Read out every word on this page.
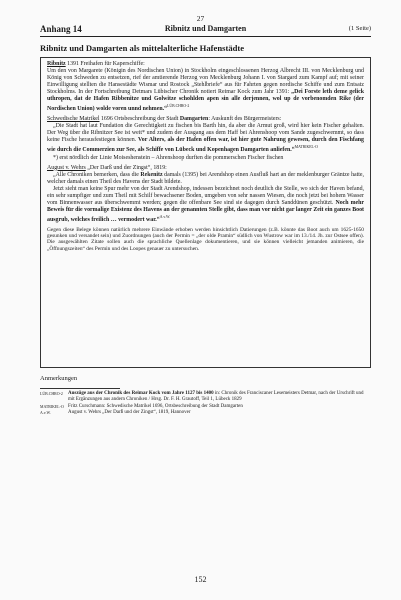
27
Anhang 14	Ribnitz und Damgarten	(1 Seite)
Ribnitz und Damgarten als mittelalterliche Hafenstädte

Ribnitz 1391 Freihafen für Kaperschiffe:

Um den von Margarete (Königin des Nordischen Union) in Stockholm eingeschlossenen Herzog Albrecht III. von Mecklenburg und König von Schweden zu entsetzen, rief der amtierende Herzog von Mecklenburg Johann I. von Stargard zum Kampf auf; mit seiner Einwilligung stellten die Hansestädte Wismar und Rostock „Stehlbriefe“ aus für Fahrten gegen nordische Schiffe und zum Entsatz Stockholms. In der Fortschreibung Detmars Lübischer Chronik notiert Reimar Kock zum Jahr 1391: „Dei Forste leth deme gelick uthropen, dat de Hafen Ribbenitze und Golwitze schohlden apen sin alle derjennen, wol up de vorbenomden Rike (der Nordischen Union) wolde voren unnd nehmen.“$^{LÜB.CHRO-2}$

Schwedische Matrikel 1696 Ortsbeschreibung der Stadt Damgarten: Auskunft des Bürgermeisters:

„Die Stadt hat laut Fundation die Gerechtigkeit zu fischen bis Barth hin, da aber die Armut groß, wird hier kein Fischer gehalten. Der Weg über die Ribnitzer See ist weit* und zudem der Ausgang aus dem Haff bei Ahrenshoop vom Sande zugeschwemmt, so dass keine Fische herausfestiegen können. Vor Alters, als der Hafen offen war, ist hier gute Nahrung gewesen, durch den Fischfang wie durch die Commerzien zur See, als Schiffe von Lübeck und Kopenhagen Damgarten anliefen.“$^{MATRIKEL-O}$

*) erst nördlich der Linie Moiseshenstein – Ahrenshoop durften die pommerschen Fischer fischen

August v. Wehrs „Der Darß und der Zingst“, 1819:

„Alle Chroniken bemerken, dass die Rekenitz damals (1395) bei Arendshop einen Ausfluß hart an der meklenburger Gräntze hatte, welcher damals einen Theil des Havens der Stadt bildete.

Jetzt sieht man keine Spur mehr von der Stadt Arendshop, indessen bezeichnet noch deutlich die Stelle, wo sich der Haven befand, ein sehr sumpfiger und zum Theil mit Schilf bewachsener Boden, umgeben von sehr nassen Wiesen, die noch jetzt bei hohem Wasser vom Binnenwasser aus überschwemmt werden; gegen die offenbare See sind sie dagegen durch Sanddünen geschützt. Noch mehr Beweis für die vormalige Existenz des Havens an der genannten Stelle gibt, dass man vor nicht gar langer Zeit ein ganzes Boot ausgrub, welches freilich … vermodert war.“$^{A.v.W.}$

Gegen diese Belege können natürlich mehrere Einwände erhoben werden hinsichtlich Datierungen (z.B. könnte das Boot auch um 1625-1650 gesunken und versandet sein) und Zuordnungen (auch der Permin = „der olde Pramin“ südlich von Wustrow war im 13./14. Jh. zur Ostsee offen). Die ausgewählten Zitate sollen auch die sprachliche Quellenlage dokumentieren, und sie können vielleicht jemanden animieren, die „Öffnungszeiten“ des Permin und des Loopes genauer zu untersuchen.

Anmerkungen
LÜB.CHRO-2	Auszüge aus der Chronik des Reimar Kock vom Jahre 1127 bis 1400 in: Chronik des Franciscaner Lesemeisters Detmar, nach der Urschrift und mit Ergänzungen aus andern Chroniken / Hrsg. Dr. F. H. Grautoff, Teil 1, Lübeck 1829
MATRIKEL-O Fritz Curschmann: Schwedische Matrikel 1696, Ortsbeschreibung der Stadt Damgarten
A.v.W.	August v. Wehrs „Der Darß und der Zingst“, 1819, Hannover
152
